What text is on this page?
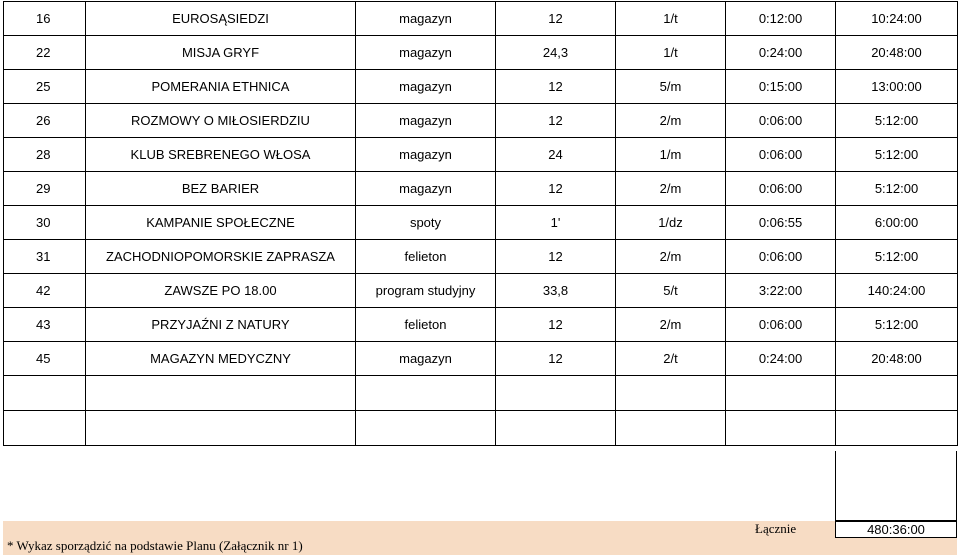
16	EUROSĄSIEDZI	magazyn	12	1/t	0:12:00	10:24:00
22	MISJA GRYF	magazyn	24,3	1/t	0:24:00	20:48:00
25	POMERANIA ETHNICA	magazyn	12	5/m	0:15:00	13:00:00
26	ROZMOWY O MIŁOSIERDZIU	magazyn	12	2/m	0:06:00	5:12:00
28	KLUB SREBRENEGO WŁOSA	magazyn	24	1/m	0:06:00	5:12:00
29	BEZ BARIER	magazyn	12	2/m	0:06:00	5:12:00
30	KAMPANIE SPOŁECZNE	spoty	1'	1/dz	0:06:55	6:00:00
31	ZACHODNIOPOMORSKIE ZAPRASZA	felieton	12	2/m	0:06:00	5:12:00
42	ZAWSZE PO 18.00	program studyjny	33,8	5/t	3:22:00	140:24:00
43	PRZYJAŹNI Z NATURY	felieton	12	2/m	0:06:00	5:12:00
45	MAGAZYN MEDYCZNY	magazyn	12	2/t	0:24:00	20:48:00

Łącznie	480:36:00
* Wykaz sporządzić na podstawie Planu (Załącznik nr 1)
